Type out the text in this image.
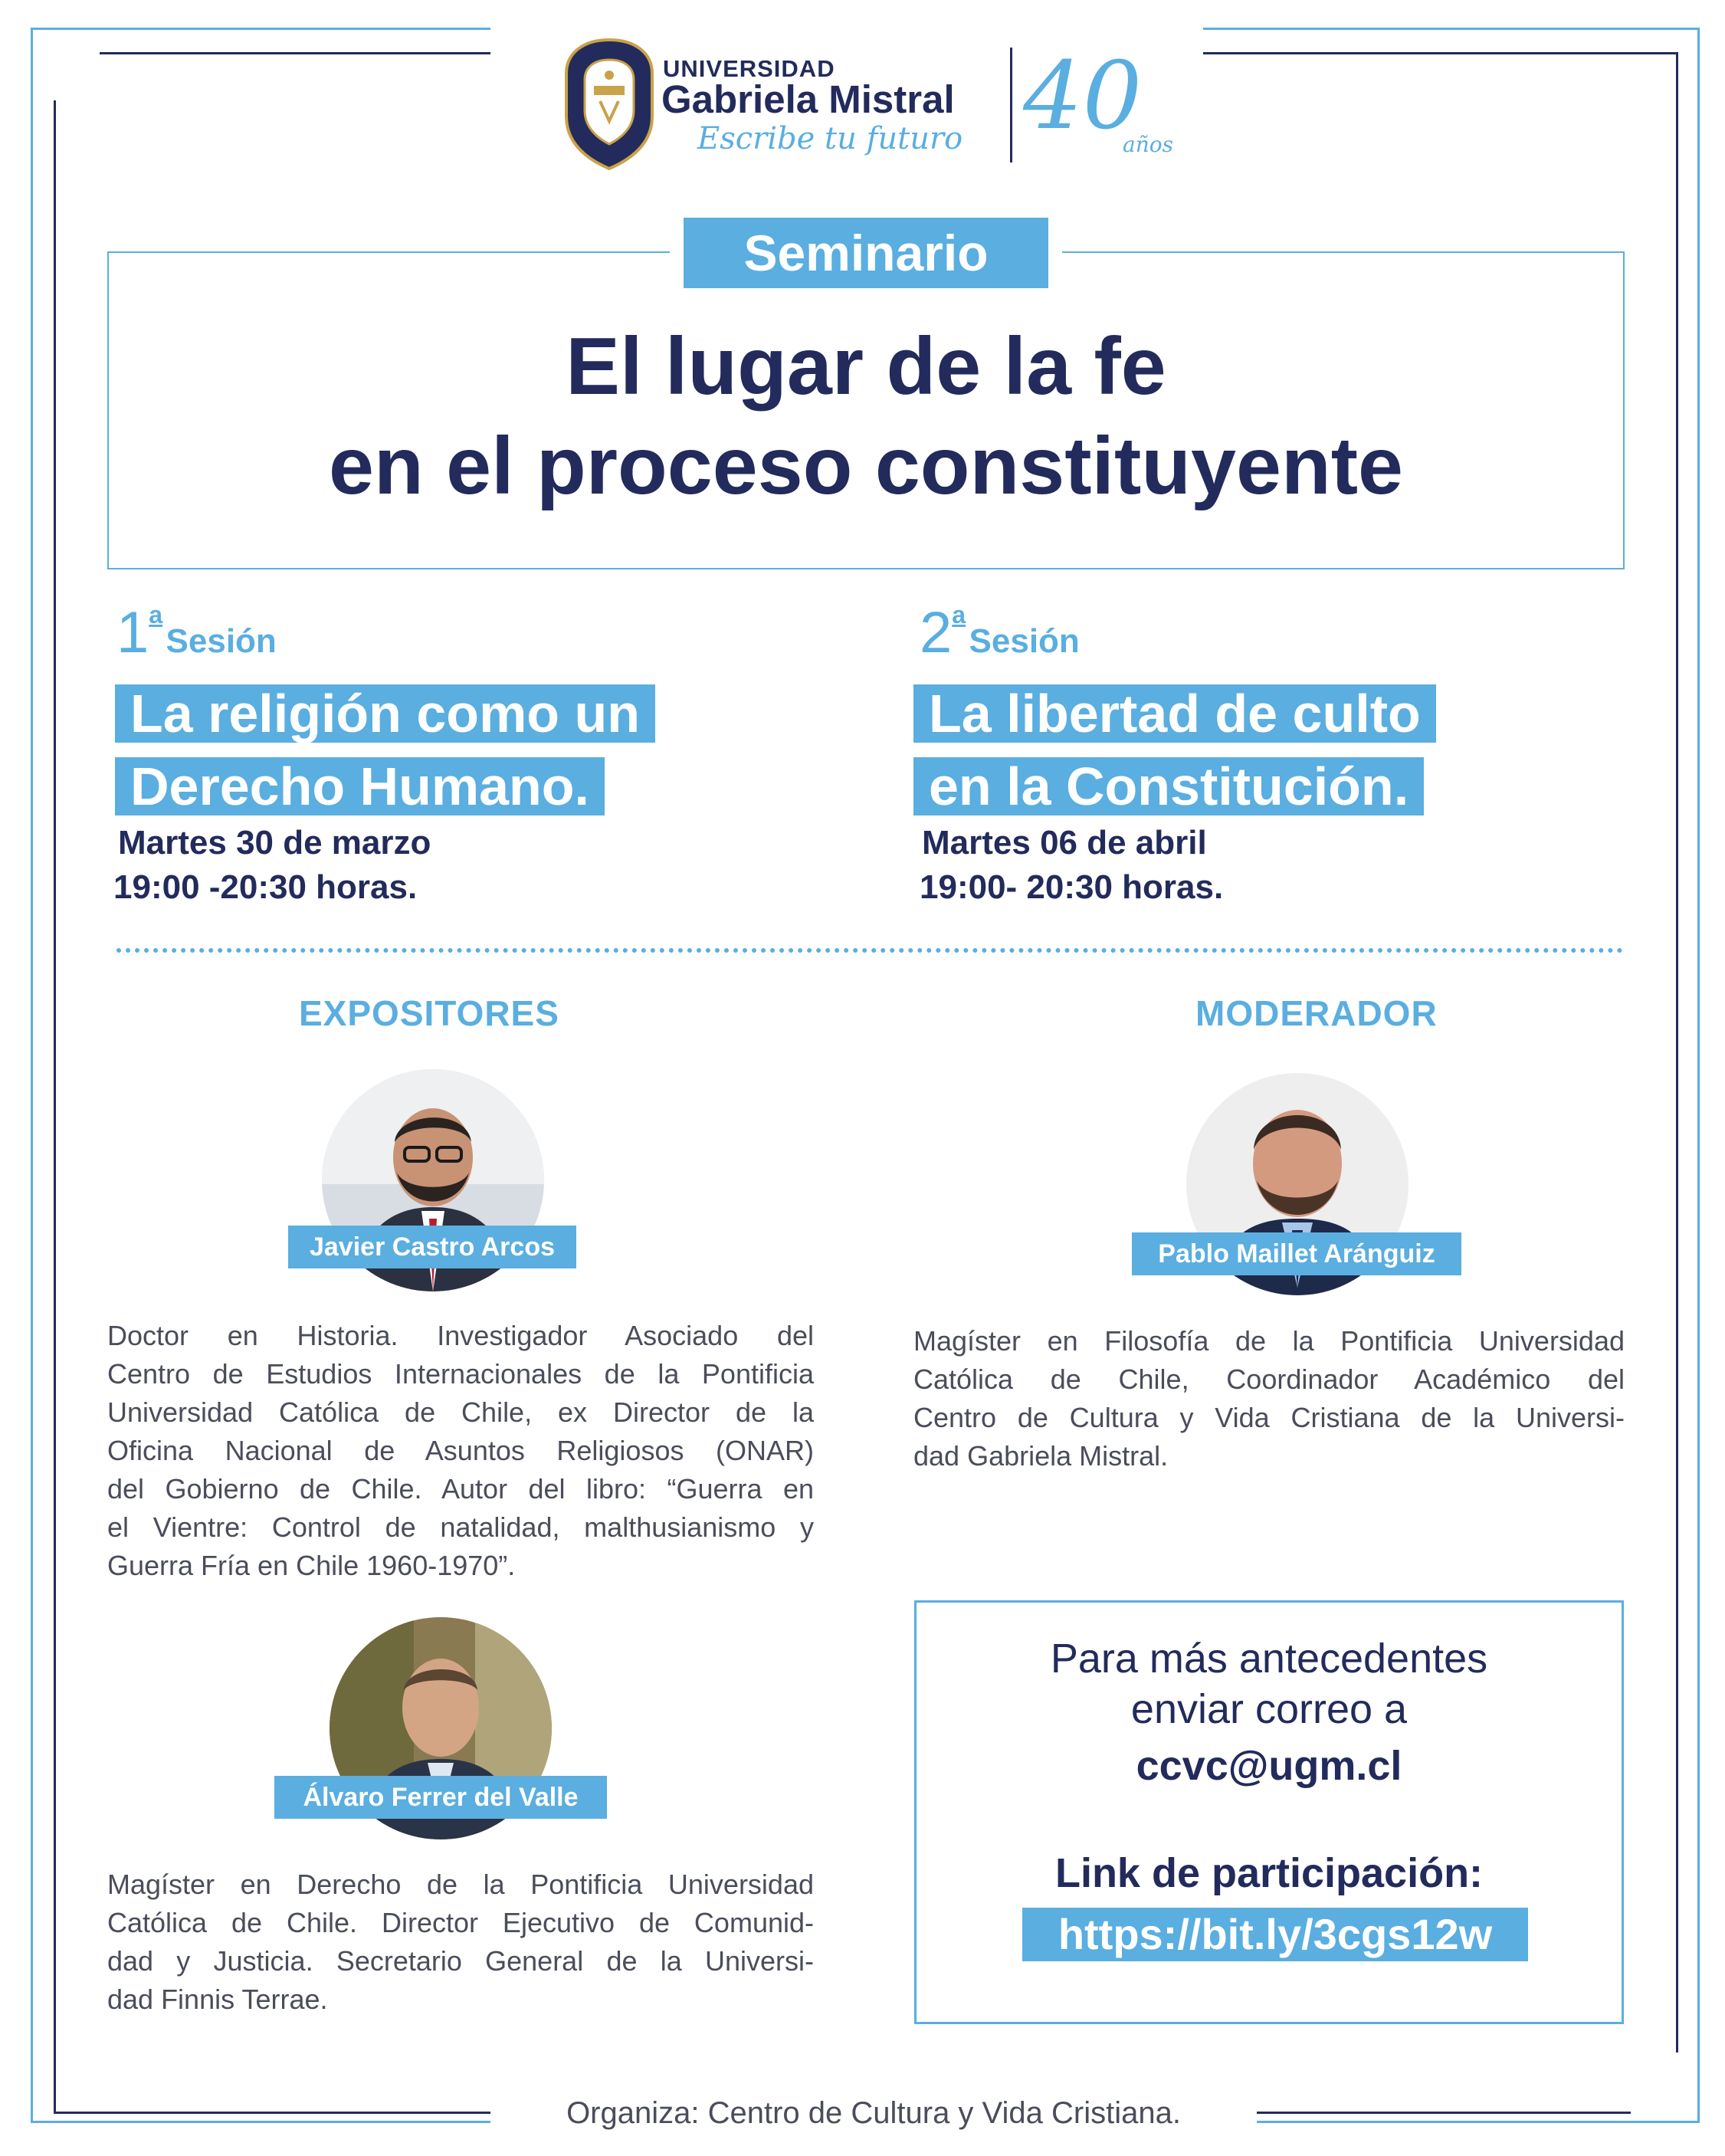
UNIVERSIDAD
Gabriela Mistral
Escribe tu futuro 40
años
Seminario
El lugar de la fe
en el proceso constituyente
1a Sesión
La religión como un
Derecho Humano.
Martes 30 de marzo
19:00 -20:30 horas.
2a Sesión
La libertad de culto
en la Constitución.
Martes 06 de abril
19:00- 20:30 horas.
EXPOSITORES
Javier Castro Arcos
Doctor en Historia. Investigador Asociado del
Centro de Estudios Internacionales de la Pontificia
Universidad Católica de Chile, ex Director de la
Oficina Nacional de Asuntos Religiosos (ONAR)
del Gobierno de Chile. Autor del libro: “Guerra en
el Vientre: Control de natalidad, malthusianismo y
Guerra Fría en Chile 1960-1970”.
Álvaro Ferrer del Valle
Magíster en Derecho de la Pontificia Universidad
Católica de Chile. Director Ejecutivo de Comunid-
dad y Justicia. Secretario General de la Universi-
dad Finnis Terrae.
MODERADOR
Pablo Maillet Aránguiz
Magíster en Filosofía de la Pontificia Universidad
Católica de Chile, Coordinador Académico del
Centro de Cultura y Vida Cristiana de la Universi-
dad Gabriela Mistral.
Para más antecedentes
enviar correo a
ccvc@ugm.cl
Link de participación:
https://bit.ly/3cgs12w
Organiza: Centro de Cultura y Vida Cristiana.
